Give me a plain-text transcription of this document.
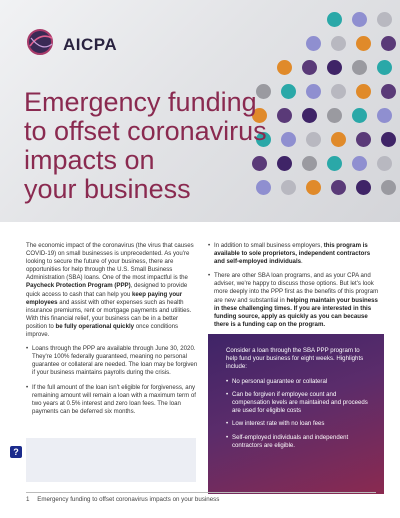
AICPA
Emergency funding
to offset coronavirus
impacts on
your business

The economic impact of the coronavirus (the virus that causes COVID-19) on small businesses is unprecedented. As you're looking to secure the future of your business, there are opportunities for help through the U.S. Small Business Administration (SBA) loans. One of the most impactful is the Paycheck Protection Program (PPP), designed to provide quick access to cash that can help you keep paying your employees and assist with other expenses such as health insurance premiums, rent or mortgage payments and utilities. With this financial relief, your business can be in a better position to be fully operational quickly once conditions improve.

• Loans through the PPP are available through June 30, 2020. They're 100% federally guaranteed, meaning no personal guarantee or collateral are needed. The loan may be forgiven if your business maintains payrolls during the crisis.
• If the full amount of the loan isn't eligible for forgiveness, any remaining amount will remain a loan with a maximum term of two years at 0.5% interest and zero loan fees. The loan payments can be deferred six months.
• In addition to small business employers, this program is available to sole proprietors, independent contractors and self-employed individuals.
• There are other SBA loan programs, and as your CPA and adviser, we're happy to discuss those options. But let's look more deeply into the PPP first as the benefits of this program are new and substantial in helping maintain your business in these challenging times. If you are interested in this funding source, apply as quickly as you can because there is a funding cap on the program.

Consider a loan through the SBA PPP program to help fund your business for eight weeks. Highlights include:

• No personal guarantee or collateral
• Can be forgiven if employee count and compensation levels are maintained and proceeds are used for eligible costs
• Low interest rate with no loan fees
• Self-employed individuals and independent contractors are eligible.
?
1 Emergency funding to offset coronavirus impacts on your business
